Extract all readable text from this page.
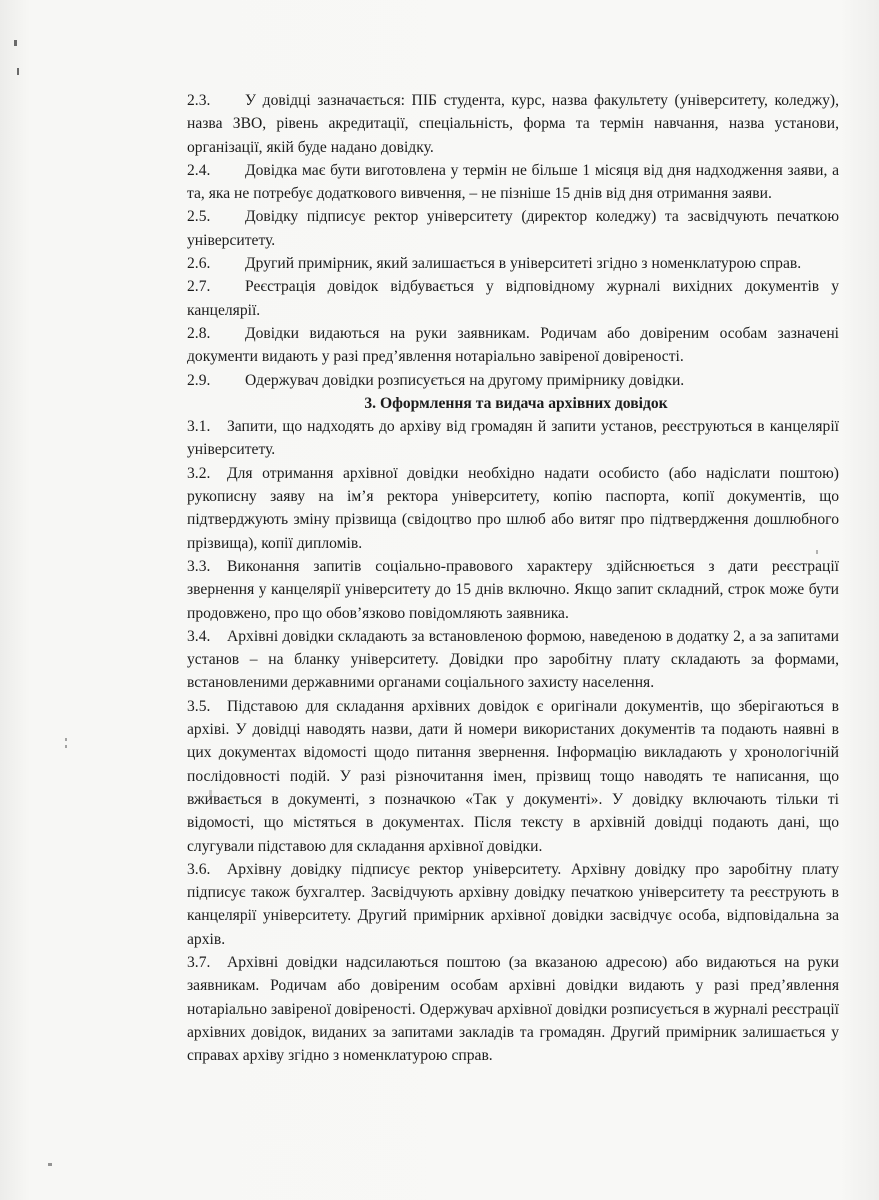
2.3. У довідці зазначається: ПІБ студента, курс, назва факультету (університету, коледжу), назва ЗВО, рівень акредитації, спеціальність, форма та термін навчання, назва установи, організації, якій буде надано довідку.

2.4. Довідка має бути виготовлена у термін не більше 1 місяця від дня надходження заяви, а та, яка не потребує додаткового вивчення, – не пізніше 15 днів від дня отримання заяви.

2.5. Довідку підписує ректор університету (директор коледжу) та засвідчують печаткою університету.

2.6. Другий примірник, який залишається в університеті згідно з номенклатурою справ.

2.7. Реєстрація довідок відбувається у відповідному журналі вихідних документів у канцелярії.

2.8. Довідки видаються на руки заявникам. Родичам або довіреним особам зазначені документи видають у разі пред’явлення нотаріально завіреної довіреності.

2.9. Одержувач довідки розписується на другому примірнику довідки.

3. Оформлення та видача архівних довідок

3.1. Запити, що надходять до архіву від громадян й запити установ, реєструються в канцелярії університету.

3.2. Для отримання архівної довідки необхідно надати особисто (або надіслати поштою) рукописну заяву на ім’я ректора університету, копію паспорта, копії документів, що підтверджують зміну прізвища (свідоцтво про шлюб або витяг про підтвердження дошлюбного прізвища), копії дипломів.

3.3. Виконання запитів соціально-правового характеру здійснюється з дати реєстрації звернення у канцелярії університету до 15 днів включно. Якщо запит складний, строк може бути продовжено, про що обов’язково повідомляють заявника.

3.4. Архівні довідки складають за встановленою формою, наведеною в додатку 2, а за запитами установ – на бланку університету. Довідки про заробітну плату складають за формами, встановленими державними органами соціального захисту населення.

3.5. Підставою для складання архівних довідок є оригінали документів, що зберігаються в архіві. У довідці наводять назви, дати й номери використаних документів та подають наявні в цих документах відомості щодо питання звернення. Інформацію викладають у хронологічній послідовності подій. У разі різночитання імен, прізвищ тощо наводять те написання, що вживається в документі, з позначкою «Так у документі». У довідку включають тільки ті відомості, що містяться в документах. Після тексту в архівній довідці подають дані, що слугували підставою для складання архівної довідки.

3.6. Архівну довідку підписує ректор університету. Архівну довідку про заробітну плату підписує також бухгалтер. Засвідчують архівну довідку печаткою університету та реєструють в канцелярії університету. Другий примірник архівної довідки засвідчує особа, відповідальна за архів.

3.7. Архівні довідки надсилаються поштою (за вказаною адресою) або видаються на руки заявникам. Родичам або довіреним особам архівні довідки видають у разі пред’явлення нотаріально завіреної довіреності. Одержувач архівної довідки розписується в журналі реєстрації архівних довідок, виданих за запитами закладів та громадян. Другий примірник залишається у справах архіву згідно з номенклатурою справ.
